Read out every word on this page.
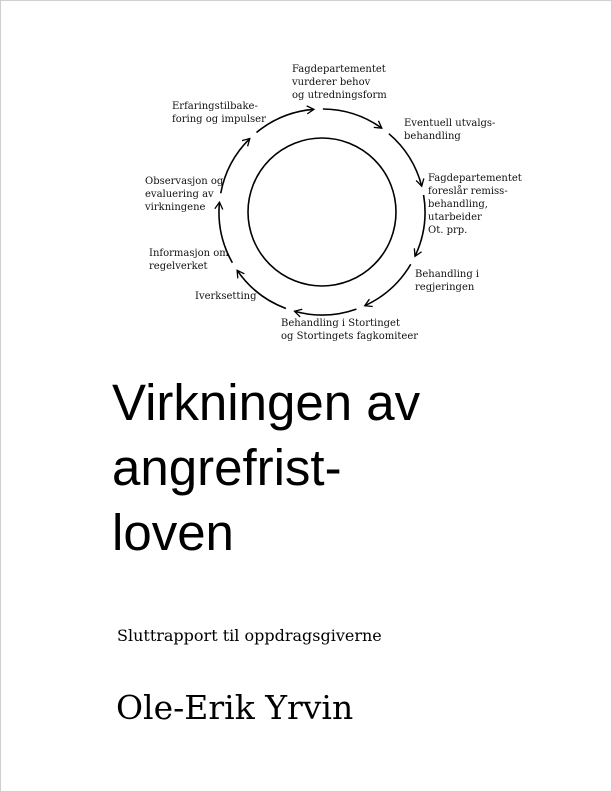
Fagdepartementet
vurderer behov
og utredningsform
Eventuell utvalgs-
behandling
Fagdepartementet
foreslår remiss-
behandling,
utarbeider
Ot. prp.
Behandling i
regjeringen
Behandling i Stortinget
og Stortingets fagkomiteer
Iverksetting
Informasjon om
regelverket
Observasjon og
evaluering av
virkningene
Erfaringstilbake-
foring og impulser
Virkningen av
angrefrist-
loven
Sluttrapport til oppdragsgiverne
Ole-Erik Yrvin
